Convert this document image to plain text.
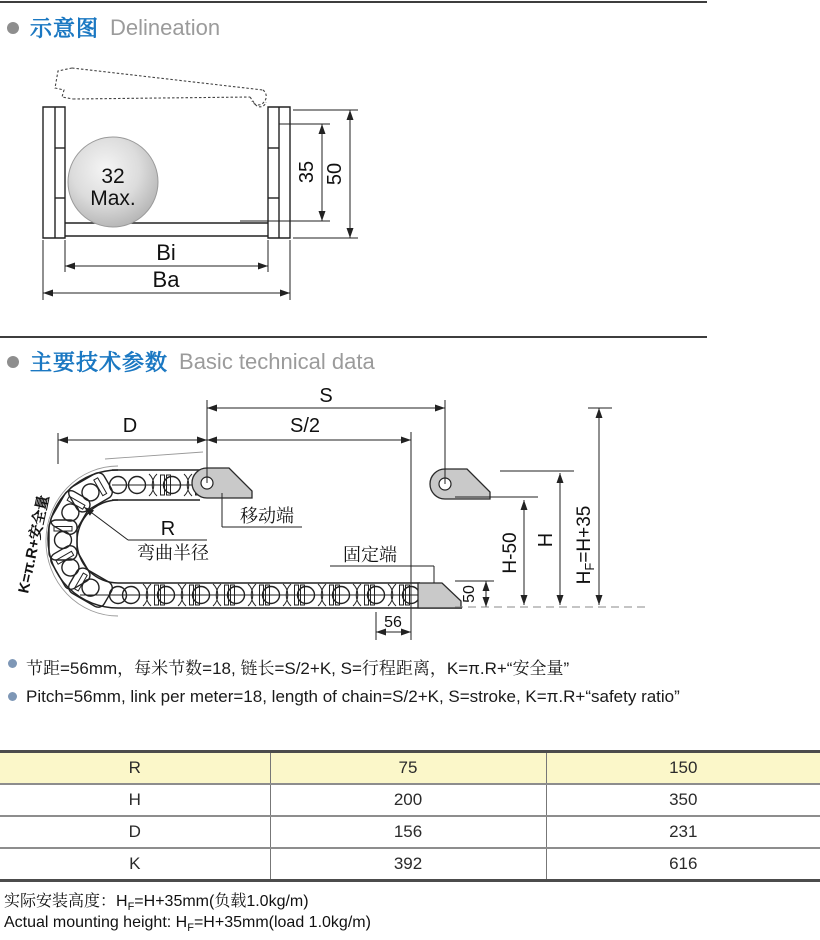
示意图 Delineation
32
Max.
35 50
Bi
Ba
主要技术参数 Basic technical data
S
D	S/2
K=π.R+安全量	R
弯曲半径
移动端
固定端
56
50
H-50 H
$H_F=H+35$
节距=56mm，每米节数=18, 链长=S/2+K, S=行程距离，K=π.R+“安全量”
Pitch=56mm, link per meter=18, length of chain=S/2+K, S=stroke, K=π.R+“safety ratio”
R	75	150
H	200	350
D	156	231
K	392	616
实际安装高度：$H_F=H+35mm$(负载1.0kg/m)
Actual mounting height: $H_F=H+35mm(load$ 1.0kg/m)
